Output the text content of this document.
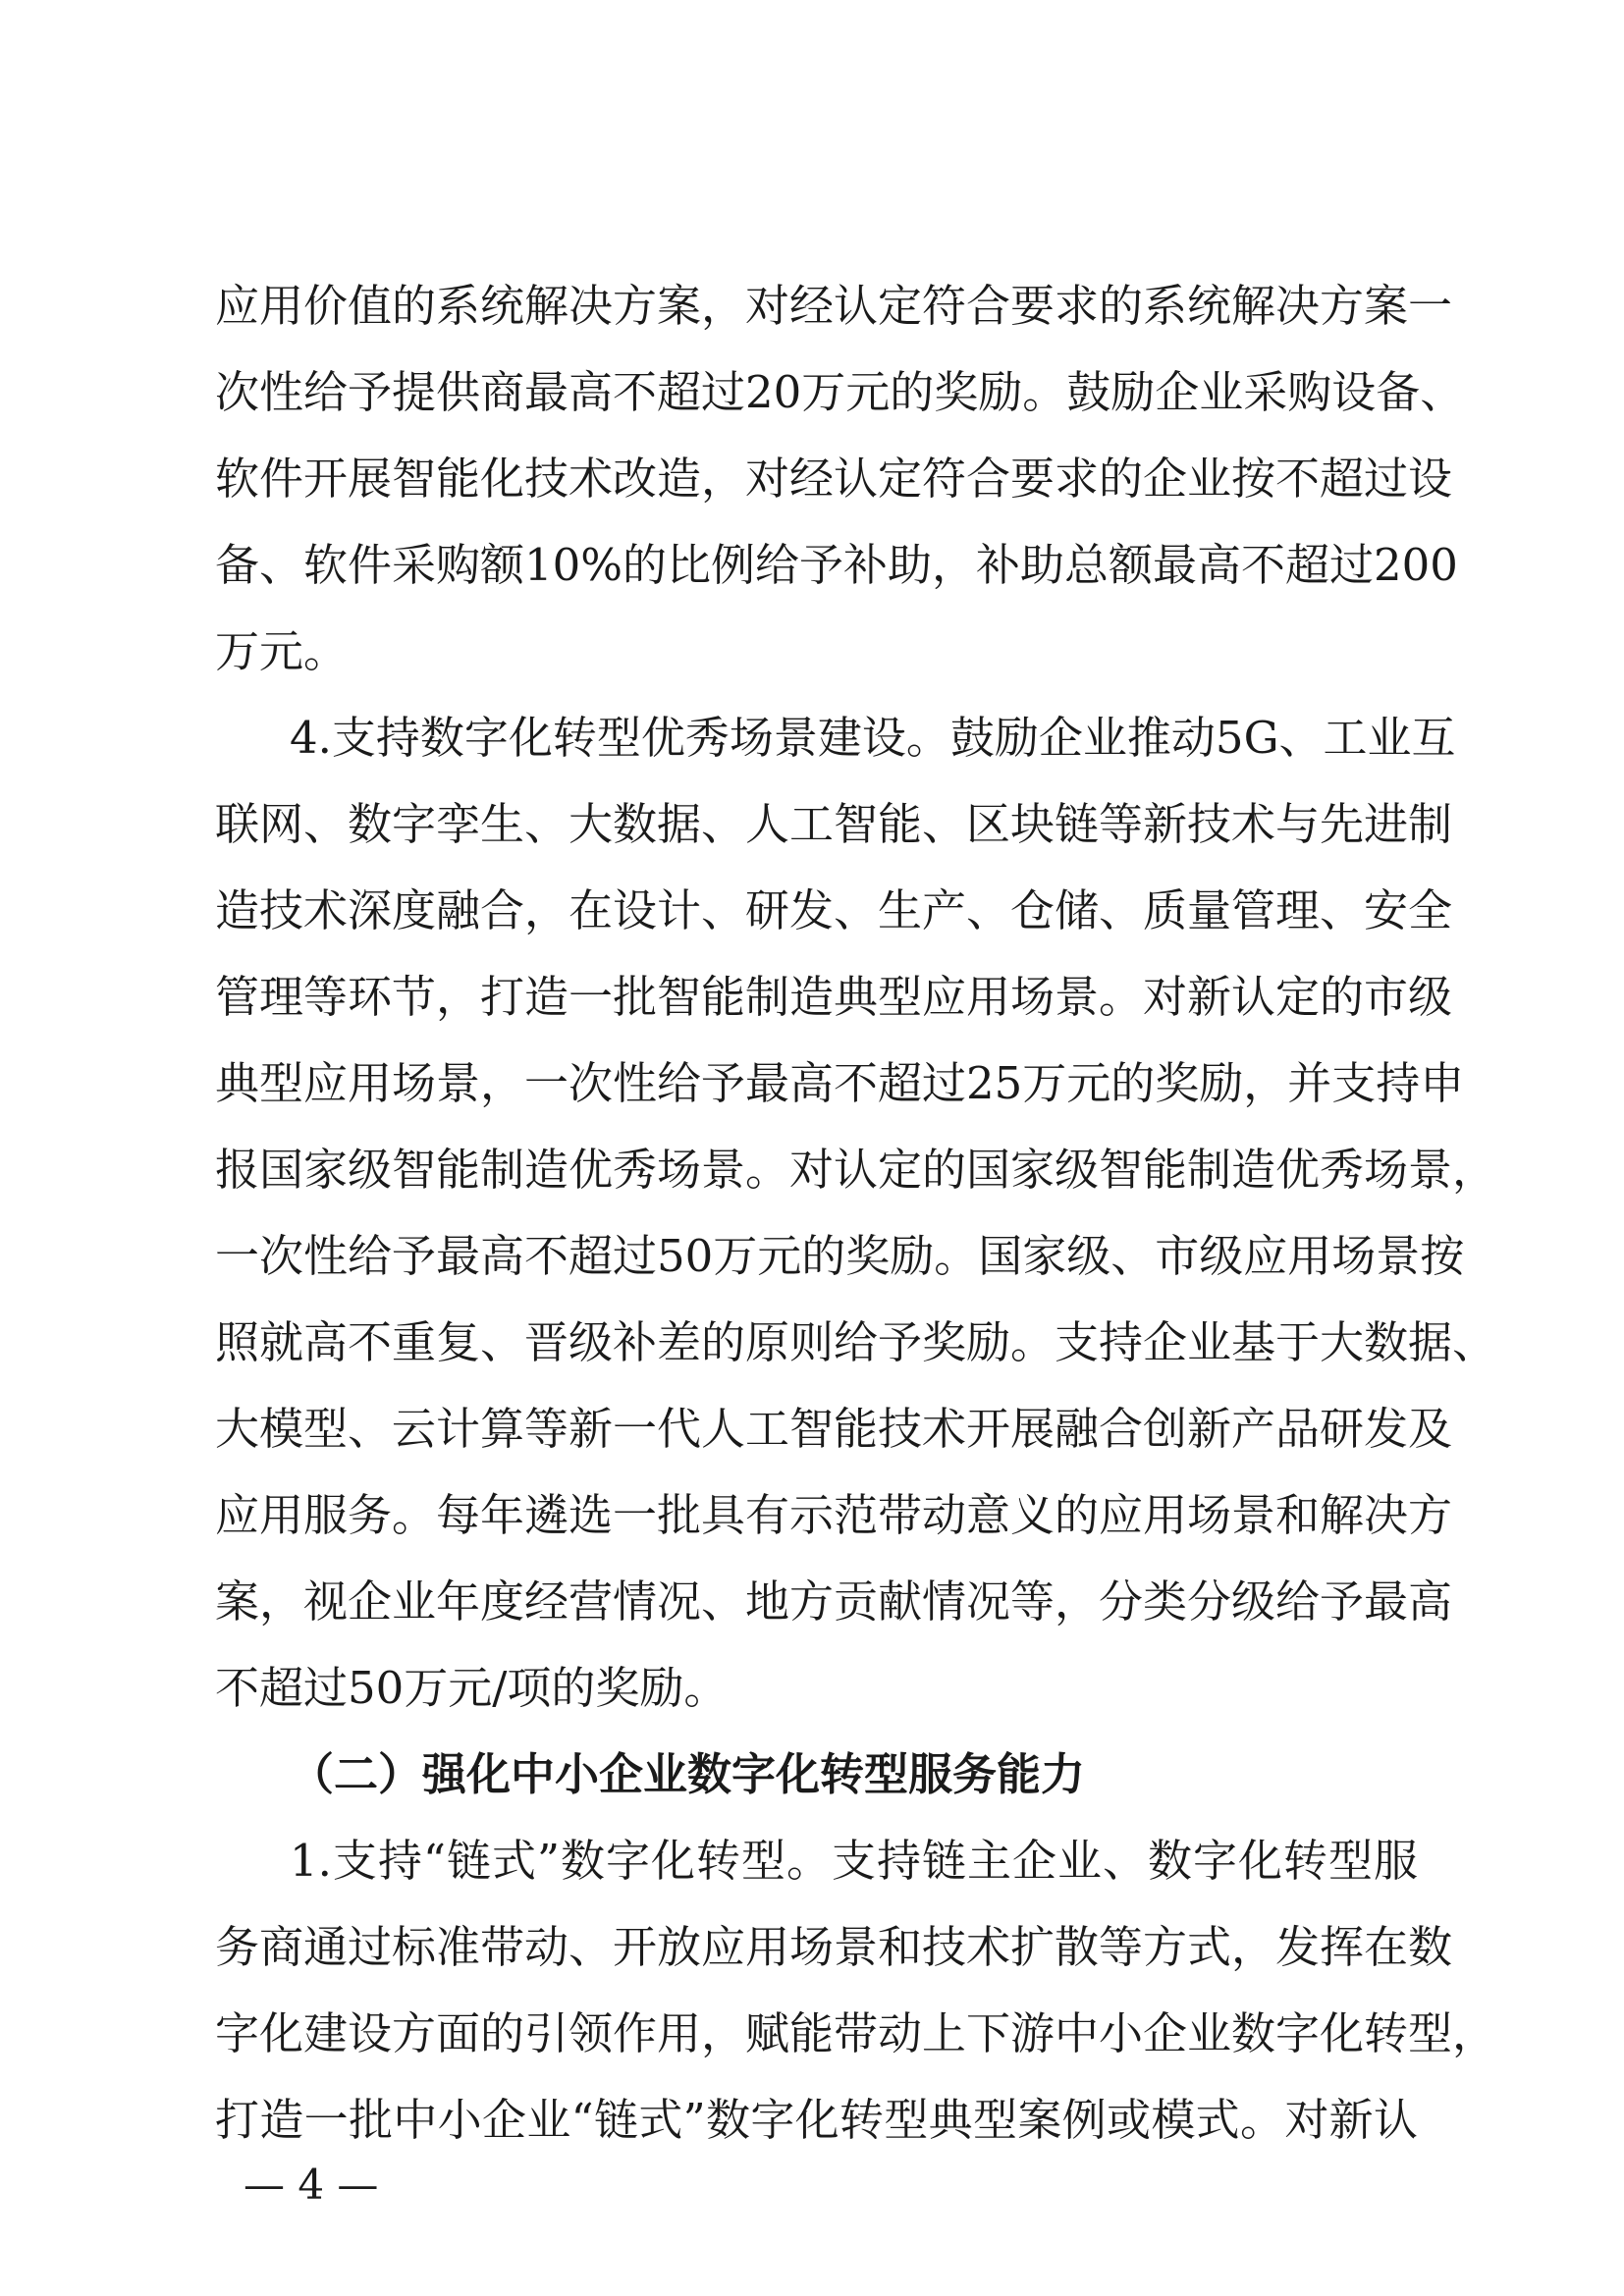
应用价值的系统解决方案，对经认定符合要求的系统解决方案一
次性给予提供商最高不超过20万元的奖励。鼓励企业采购设备、
软件开展智能化技术改造，对经认定符合要求的企业按不超过设
备、软件采购额10%的比例给予补助，补助总额最高不超过200
万元。
4.支持数字化转型优秀场景建设。鼓励企业推动5G、工业互
联网、数字孪生、大数据、人工智能、区块链等新技术与先进制
造技术深度融合，在设计、研发、生产、仓储、质量管理、安全
管理等环节，打造一批智能制造典型应用场景。对新认定的市级
典型应用场景，一次性给予最高不超过25万元的奖励，并支持申
报国家级智能制造优秀场景。对认定的国家级智能制造优秀场景，
一次性给予最高不超过50万元的奖励。国家级、市级应用场景按
照就高不重复、晋级补差的原则给予奖励。支持企业基于大数据、
大模型、云计算等新一代人工智能技术开展融合创新产品研发及
应用服务。每年遴选一批具有示范带动意义的应用场景和解决方
案，视企业年度经营情况、地方贡献情况等，分类分级给予最高
不超过50万元/项的奖励。
（二）强化中小企业数字化转型服务能力
1.支持“链式”数字化转型。支持链主企业、数字化转型服
务商通过标准带动、开放应用场景和技术扩散等方式，发挥在数
字化建设方面的引领作用，赋能带动上下游中小企业数字化转型，
打造一批中小企业“链式”数字化转型典型案例或模式。对新认
— 4 —
